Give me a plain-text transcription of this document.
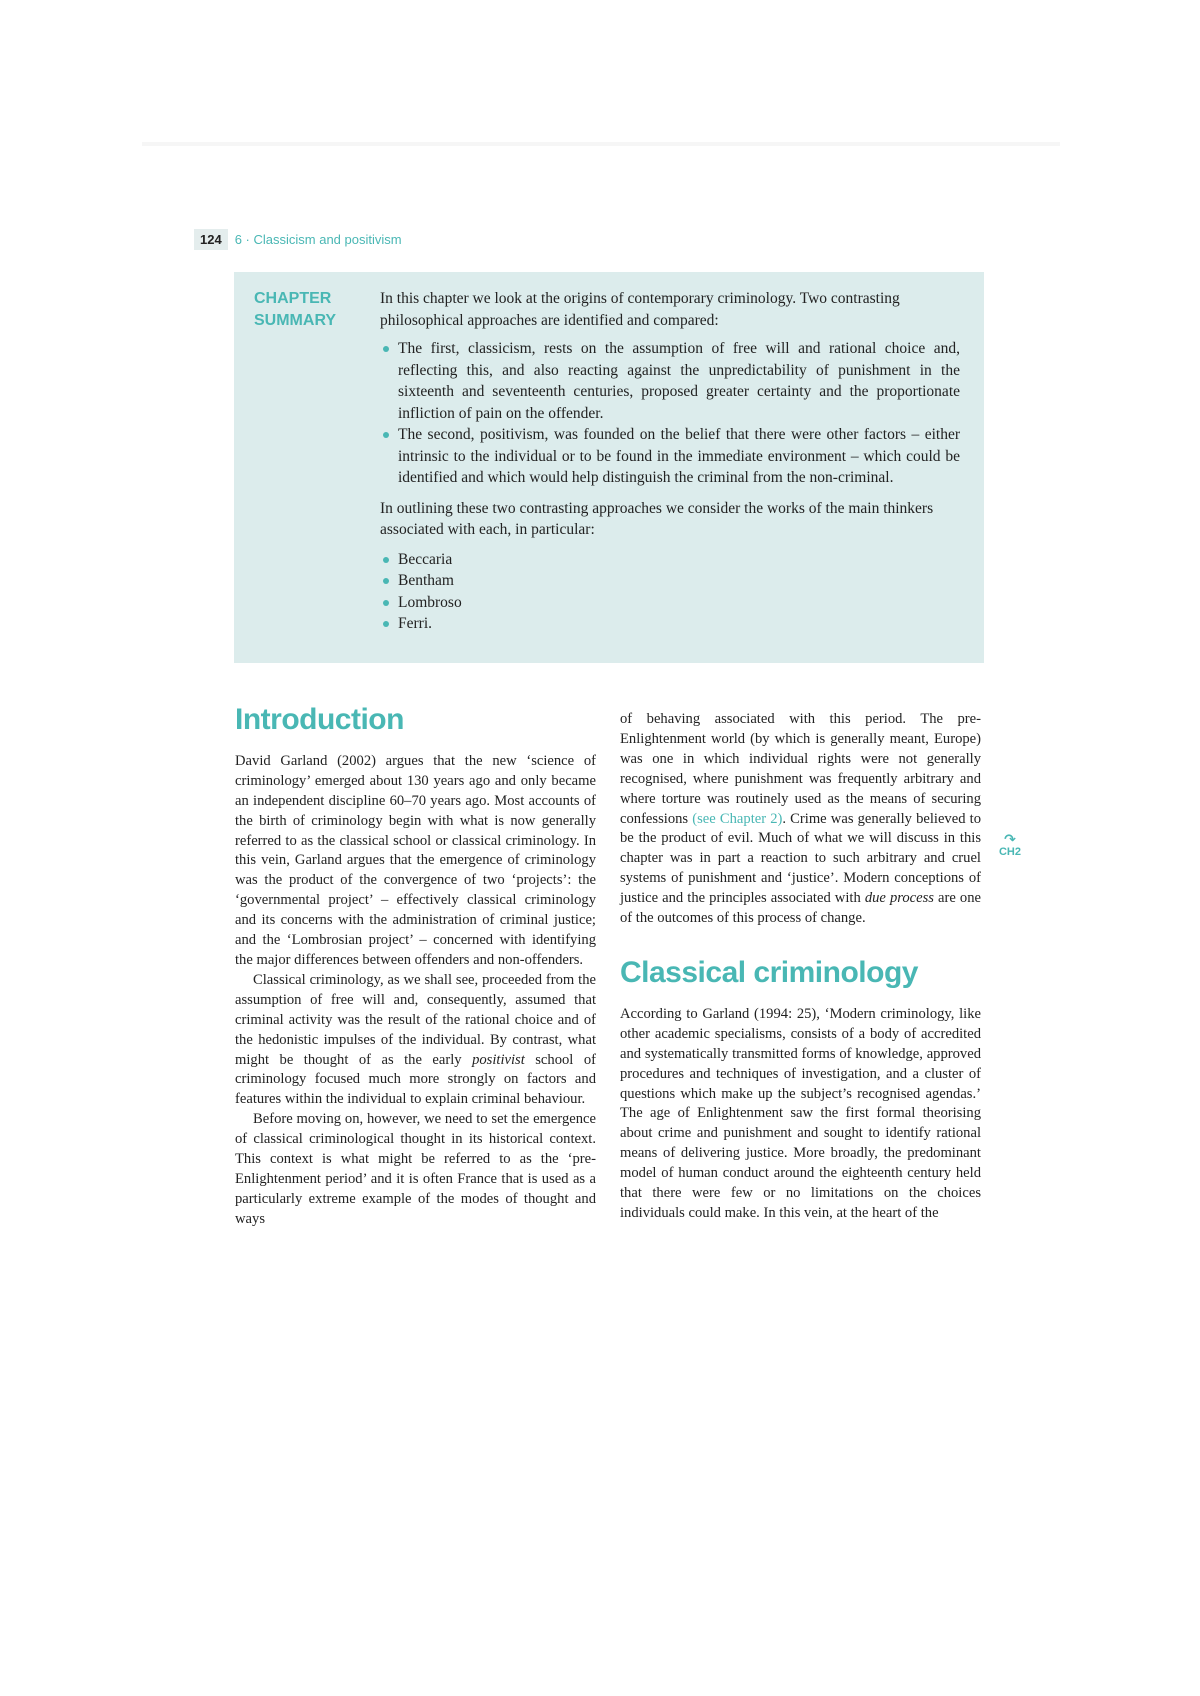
124	6 · Classicism and positivism
CHAPTER
SUMMARY

In this chapter we look at the origins of contemporary criminology. Two contrasting philosophical approaches are identified and compared:

The first, classicism, rests on the assumption of free will and rational choice and, reflecting this, and also reacting against the unpredictability of punishment in the sixteenth and seventeenth centuries, proposed greater certainty and the proportionate infliction of pain on the offender.
The second, positivism, was founded on the belief that there were other factors – either intrinsic to the individual or to be found in the immediate environment – which could be identified and which would help distinguish the criminal from the non-criminal.

In outlining these two contrasting approaches we consider the works of the main thinkers associated with each, in particular:

Beccaria
Bentham
Lombroso
Ferri.
Introduction

David Garland (2002) argues that the new ‘science of criminology’ emerged about 130 years ago and only became an independent discipline 60–70 years ago. Most accounts of the birth of criminology begin with what is now generally referred to as the classical school or classical criminology. In this vein, Garland argues that the emergence of criminology was the product of the convergence of two ‘projects’: the ‘governmental project’ – effectively classical criminology and its concerns with the administration of criminal justice; and the ‘Lombrosian project’ – concerned with identifying the major differences between offenders and non-offenders.

Classical criminology, as we shall see, proceeded from the assumption of free will and, consequently, assumed that criminal activity was the result of the rational choice and of the hedonistic impulses of the individual. By contrast, what might be thought of as the early positivist school of criminology focused much more strongly on factors and features within the individual to explain criminal behaviour.

Before moving on, however, we need to set the emergence of classical criminological thought in its historical context. This context is what might be referred to as the ‘pre-Enlightenment period’ and it is often France that is used as a particularly extreme example of the modes of thought and ways

of behaving associated with this period. The pre-Enlightenment world (by which is generally meant, Europe) was one in which individual rights were not generally recognised, where punishment was frequently arbitrary and where torture was routinely used as the means of securing confessions (see Chapter 2). Crime was generally believed to be the product of evil. Much of what we will discuss in this chapter was in part a reaction to such arbitrary and cruel systems of punishment and ‘justice’. Modern conceptions of justice and the principles associated with due process are one of the outcomes of this process of change.

Classical criminology

According to Garland (1994: 25), ‘Modern criminology, like other academic specialisms, consists of a body of accredited and systematically transmitted forms of knowledge, approved procedures and techniques of investigation, and a cluster of questions which make up the subject’s recognised agendas.’ The age of Enlightenment saw the first formal theorising about crime and punishment and sought to identify rational means of delivering justice. More broadly, the predominant model of human conduct around the eighteenth century held that there were few or no limitations on the choices individuals could make. In this vein, at the heart of the

↷
CH2
